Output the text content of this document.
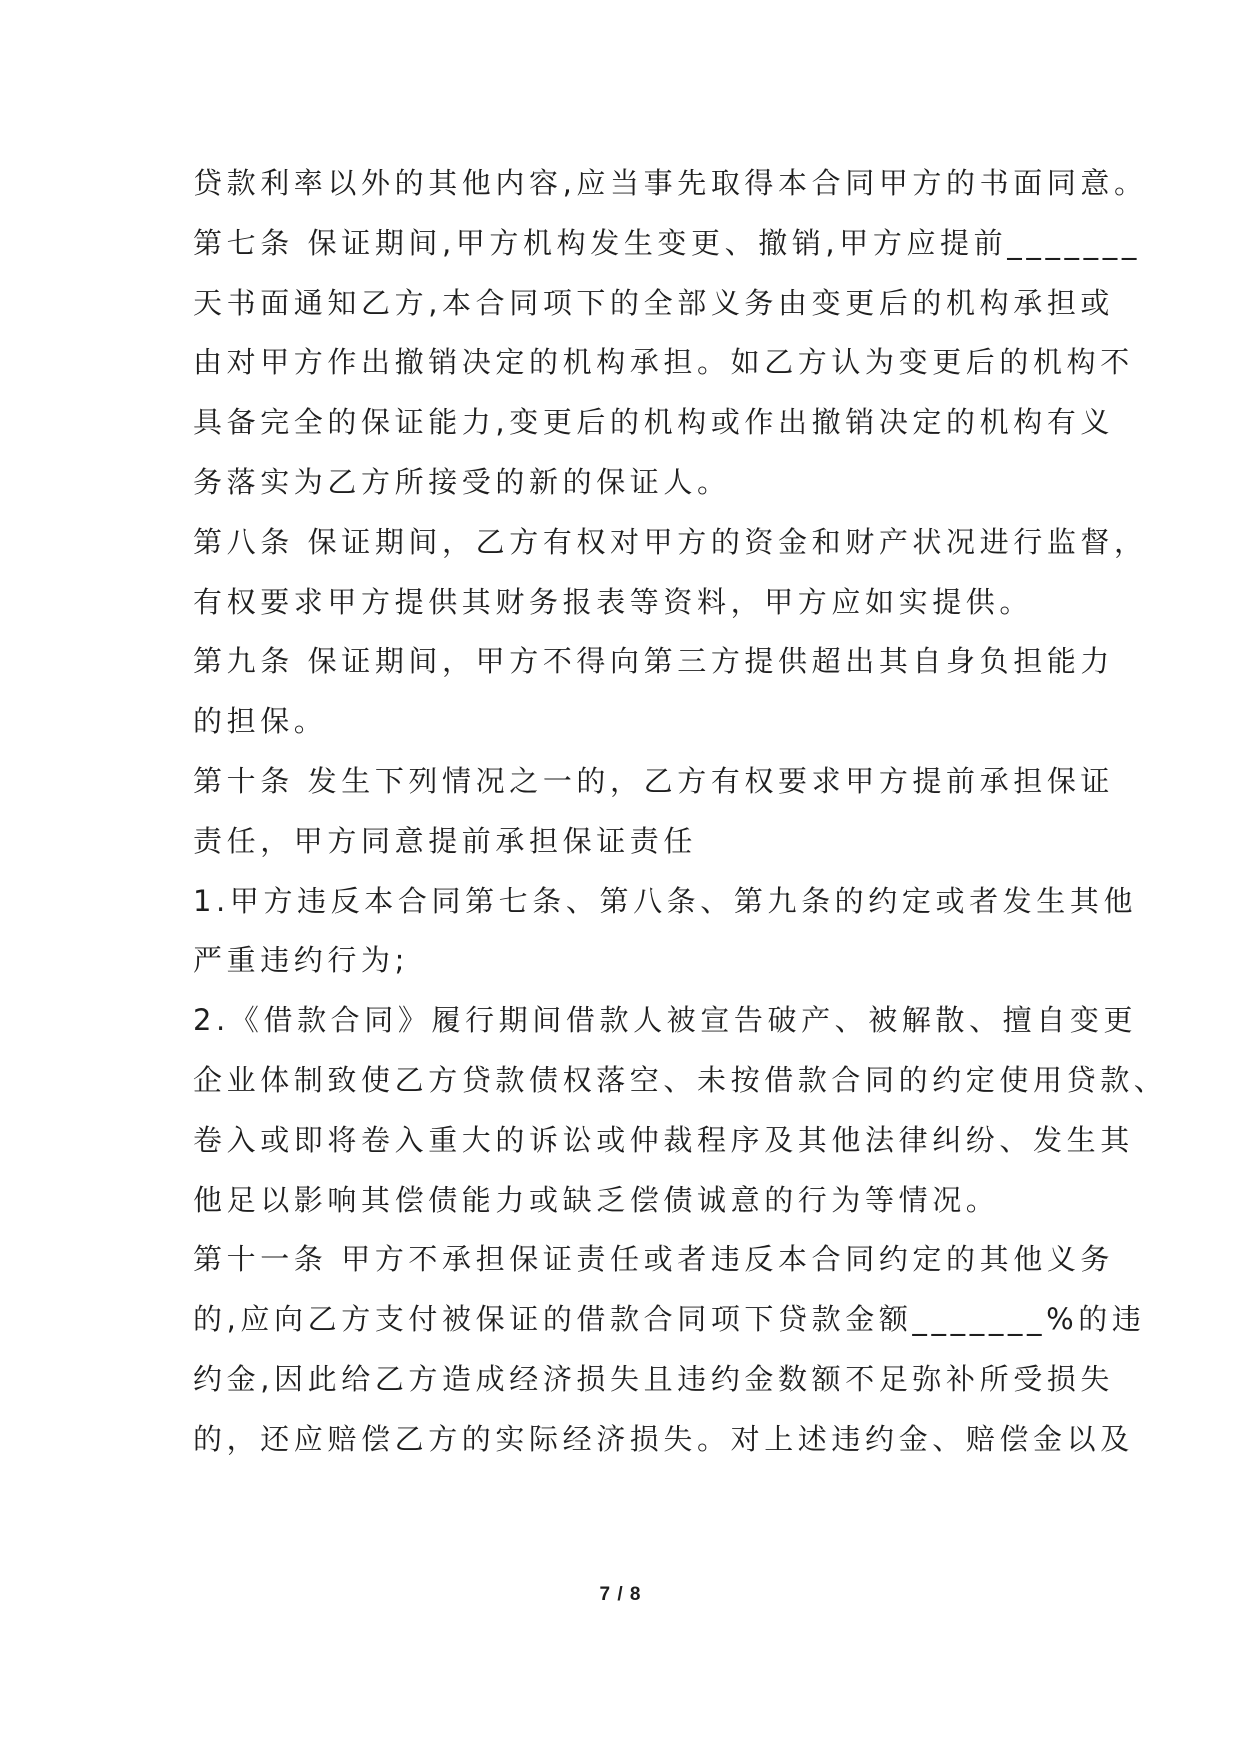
贷款利率以外的其他内容,应当事先取得本合同甲方的书面同意。
第七条 保证期间,甲方机构发生变更、撤销,甲方应提前_______
天书面通知乙方,本合同项下的全部义务由变更后的机构承担或
由对甲方作出撤销决定的机构承担。如乙方认为变更后的机构不
具备完全的保证能力,变更后的机构或作出撤销决定的机构有义
务落实为乙方所接受的新的保证人。
第八条 保证期间，乙方有权对甲方的资金和财产状况进行监督，
有权要求甲方提供其财务报表等资料，甲方应如实提供。
第九条 保证期间，甲方不得向第三方提供超出其自身负担能力
的担保。
第十条 发生下列情况之一的，乙方有权要求甲方提前承担保证
责任，甲方同意提前承担保证责任
1.甲方违反本合同第七条、第八条、第九条的约定或者发生其他
严重违约行为;
2.《借款合同》履行期间借款人被宣告破产、被解散、擅自变更
企业体制致使乙方贷款债权落空、未按借款合同的约定使用贷款、
卷入或即将卷入重大的诉讼或仲裁程序及其他法律纠纷、发生其
他足以影响其偿债能力或缺乏偿债诚意的行为等情况。
第十一条 甲方不承担保证责任或者违反本合同约定的其他义务
的,应向乙方支付被保证的借款合同项下贷款金额_______%的违
约金,因此给乙方造成经济损失且违约金数额不足弥补所受损失
的，还应赔偿乙方的实际经济损失。对上述违约金、赔偿金以及
7 / 8
